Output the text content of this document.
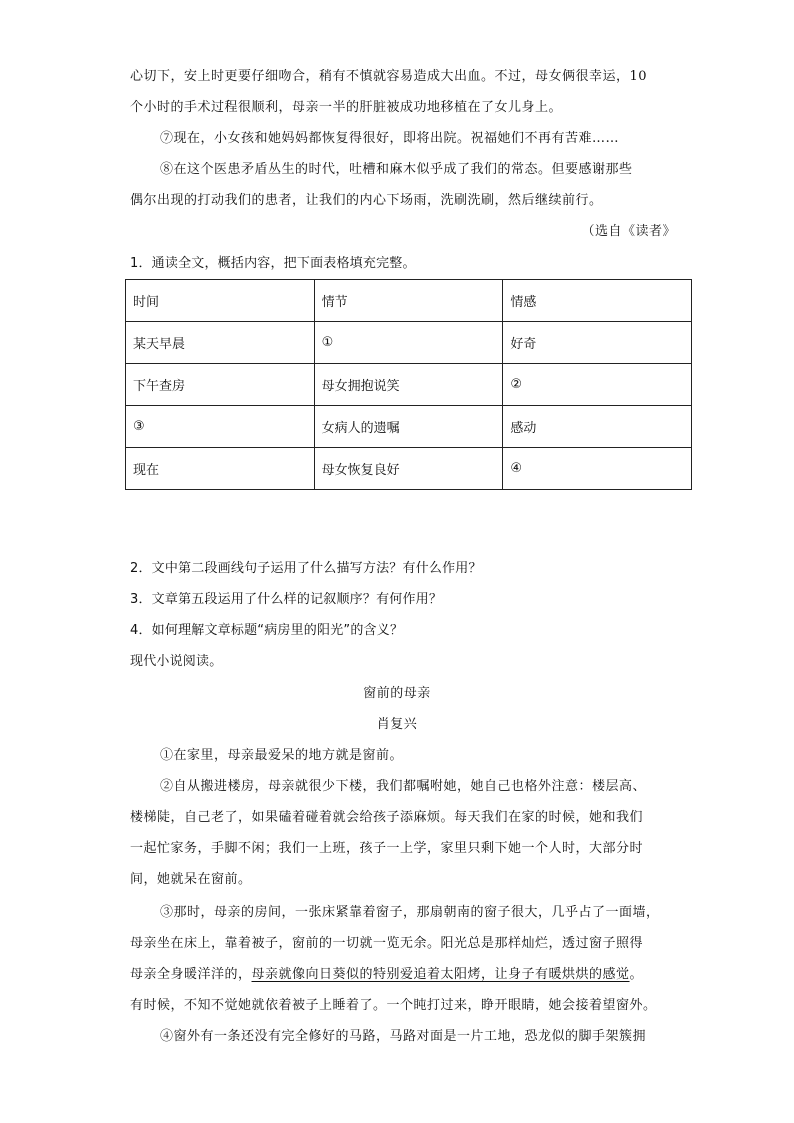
心切下，安上时更要仔细吻合，稍有不慎就容易造成大出血。不过，母女俩很幸运，10
个小时的手术过程很顺利，母亲一半的肝脏被成功地移植在了女儿身上。
⑦现在，小女孩和她妈妈都恢复得很好，即将出院。祝福她们不再有苦难……
⑧在这个医患矛盾丛生的时代，吐槽和麻木似乎成了我们的常态。但要感谢那些
偶尔出现的打动我们的患者，让我们的内心下场雨，洗刷洗刷，然后继续前行。
（选自《读者》
1．通读全文，概括内容，把下面表格填充完整。
时间	情节	情感
某天早晨	①	好奇
下午查房	母女拥抱说笑	②
③	女病人的遗嘱	感动
现在	母女恢复良好	④
2．文中第二段画线句子运用了什么描写方法？有什么作用？
3．文章第五段运用了什么样的记叙顺序？有何作用？
4．如何理解文章标题“病房里的阳光”的含义？
现代小说阅读。
窗前的母亲
肖复兴
①在家里，母亲最爱呆的地方就是窗前。
②自从搬进楼房，母亲就很少下楼，我们都嘱咐她，她自己也格外注意：楼层高、
楼梯陡，自己老了，如果磕着碰着就会给孩子添麻烦。每天我们在家的时候，她和我们
一起忙家务，手脚不闲；我们一上班，孩子一上学，家里只剩下她一个人时，大部分时
间，她就呆在窗前。
③那时，母亲的房间，一张床紧靠着窗子，那扇朝南的窗子很大，几乎占了一面墙，
母亲坐在床上，靠着被子，窗前的一切就一览无余。阳光总是那样灿烂，透过窗子照得
母亲全身暖洋洋的，母亲就像向日葵似的特别爱追着太阳烤，让身子有暖烘烘的感觉。
有时候，不知不觉她就依着被子上睡着了。一个盹打过来，睁开眼睛，她会接着望窗外。
④窗外有一条还没有完全修好的马路，马路对面是一片工地，恐龙似的脚手架簇拥
